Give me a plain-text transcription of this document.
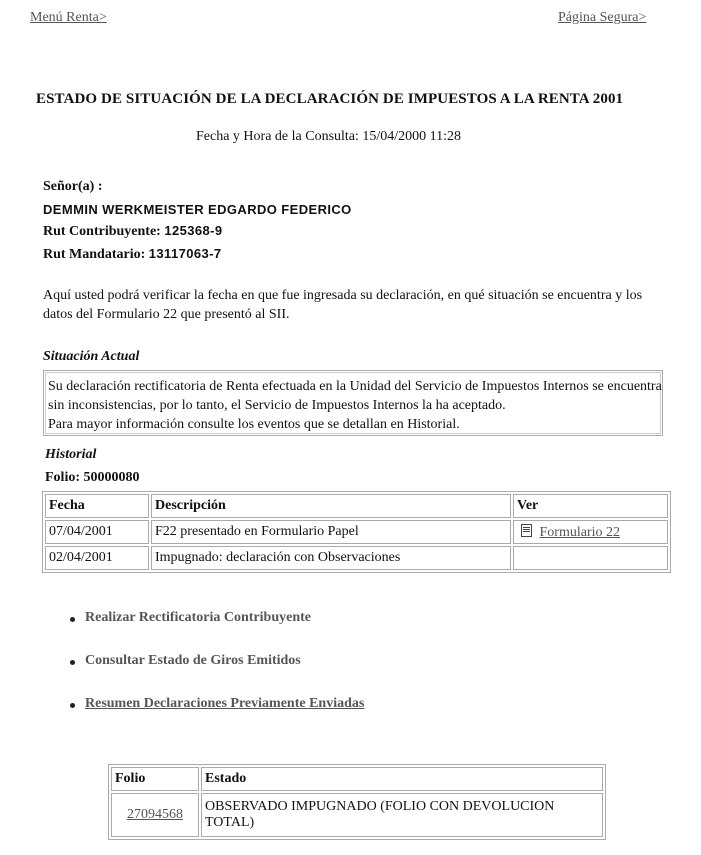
Menú Renta>	Página Segura>
ESTADO DE SITUACIÓN DE LA DECLARACIÓN DE IMPUESTOS A LA RENTA 2001
Fecha y Hora de la Consulta: 15/04/2000 11:28
Señor(a) :
DEMMIN WERKMEISTER EDGARDO FEDERICO
Rut Contribuyente: 125368-9
Rut Mandatario: 13117063-7
Aquí usted podrá verificar la fecha en que fue ingresada su declaración, en qué situación se encuentra y los datos del Formulario 22 que presentó al SII.
Situación Actual
Su declaración rectificatoria de Renta efectuada en la Unidad del Servicio de Impuestos Internos se encuentra sin inconsistencias, por lo tanto, el Servicio de Impuestos Internos la ha aceptado.
Para mayor información consulte los eventos que se detallan en Historial.
Historial
Folio: 50000080
Fecha	Descripción	Ver
07/04/2001	F22 presentado en Formulario Papel	Formulario 22
02/04/2001	Impugnado: declaración con Observaciones	
Realizar Rectificatoria Contribuyente
Consultar Estado de Giros Emitidos
Resumen Declaraciones Previamente Enviadas
Folio	Estado
27094568	OBSERVADO IMPUGNADO (FOLIO CON DEVOLUCION TOTAL)
